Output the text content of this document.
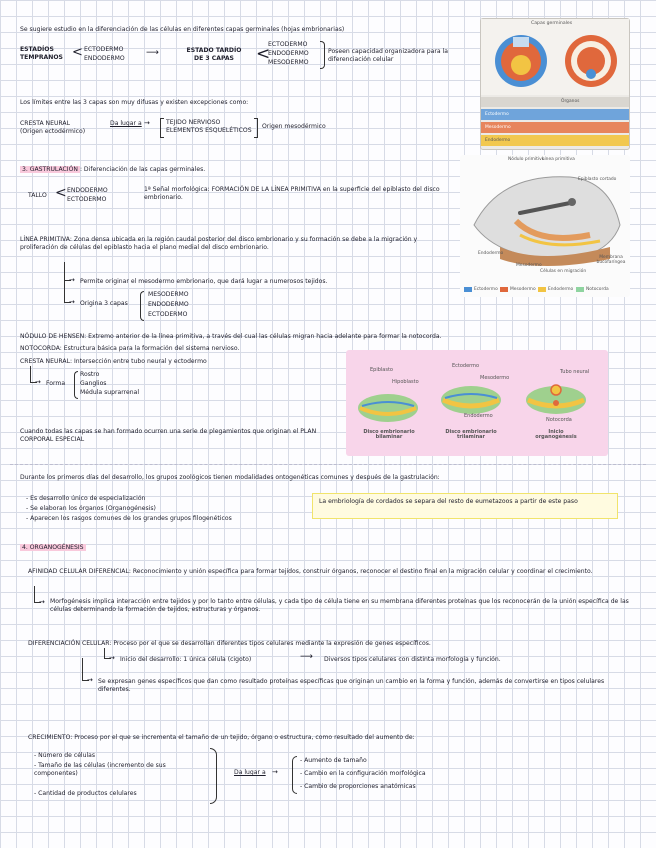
Se sugiere estudio en la diferenciación de las células en diferentes capas germinales (hojas embrionarias)
ESTADÍOS TEMPRANOS < ECTODERMO
ENDODERMO
⟶	ESTADO TARDÍO DE 3 CAPAS	<
ECTODERMO
ENDODERMO
MESODERMO
Poseen capacidad organizadora para la diferenciación celular
Los límites entre las 3 capas son muy difusas y existen excepciones como:
CRESTA NEURAL (Origen ectodérmico)
Da lugar a →	TEJIDO NERVIOSO
ELEMENTOS ESQUELÉTICOS
Origen mesodérmico
Capas germinales
Órganos
Ectodermo
Mesodermo
Endodermo
3. GASTRULACIÓN : Diferenciación de las capas germinales.
TALLO < ENDODERMO
ECTODERMO
1ª Señal morfológica: FORMACIÓN DE LA LÍNEA PRIMITIVA en la superficie del epiblasto del disco embrionario.
LÍNEA PRIMITIVA: Zona densa ubicada en la región caudal posterior del disco embrionario y su formación se debe a la migración y proliferación de células del epiblasto hacia el plano medial del disco embrionario.
→ Permite originar el mesodermo embrionario, que dará lugar a numerosos tejidos.
→ Origina 3 capas
MESODERMO
ENDODERMO
ECTODERMO
Nódulo primitivo
Línea primitiva
Epiblasto cortado
Mesodermo
Endodermo
Células en migración
Membrana bucofaríngea
Ectodermo	Mesodermo	Endodermo	Notocorda
NÓDULO DE HENSEN: Extremo anterior de la línea primitiva, a través del cual las células migran hacia adelante para formar la notocorda.
NOTOCORDA: Estructura básica para la formación del sistema nervioso.
CRESTA NEURAL: Intersección entre tubo neural y ectodermo
→ Forma
Rostro
Ganglios
Médula suprarrenal
Epiblasto
Hipoblasto
Ectodermo
Mesodermo
Endodermo
Tubo neural
Notocorda
Disco embrionario bilaminar
Disco embrionario trilaminar
Inicio organogénesis
Cuando todas las capas se han formado ocurren una serie de plegamientos que originan el PLAN CORPORAL ESPECIAL
Durante los primeros días del desarrollo, los grupos zoológicos tienen modalidades ontogenéticas comunes y después de la gastrulación:
- Es desarrollo único de especialización
- Se elaboran los órganos (Organogénesis)
- Aparecen los rasgos comunes de los grandes grupos filogenéticos
La embriología de cordados se separa del resto de eumetazoos a partir de este paso
4. ORGANOGÉNESIS
AFINIDAD CELULAR DIFERENCIAL: Reconocimiento y unión específica para formar tejidos, construir órganos, reconocer el destino final en la migración celular y coordinar el crecimiento.
→ Morfogénesis implica interacción entre tejidos y por lo tanto entre células, y cada tipo de célula tiene en su membrana diferentes proteínas que los reconocerán de la unión específica de las células determinando la formación de tejidos, estructuras y órganos.
DIFERENCIACIÓN CELULAR: Proceso por el que se desarrollan diferentes tipos celulares mediante la expresión de genes específicos.
→ Inicio del desarrollo: 1 única célula (cigoto)	⟶ Diversos tipos celulares con distinta morfología y función.
→ Se expresan genes específicos que dan como resultado proteínas específicas que originan un cambio en la forma y función, además de convertirse en tipos celulares diferentes.
CRECIMIENTO: Proceso por el que se incrementa el tamaño de un tejido, órgano o estructura, como resultado del aumento de:
- Número de células
- Tamaño de las células (incremento de sus componentes)
- Cantidad de productos celulares
Da lugar a →
- Aumento de tamaño
- Cambio en la configuración morfológica
- Cambio de proporciones anatómicas
